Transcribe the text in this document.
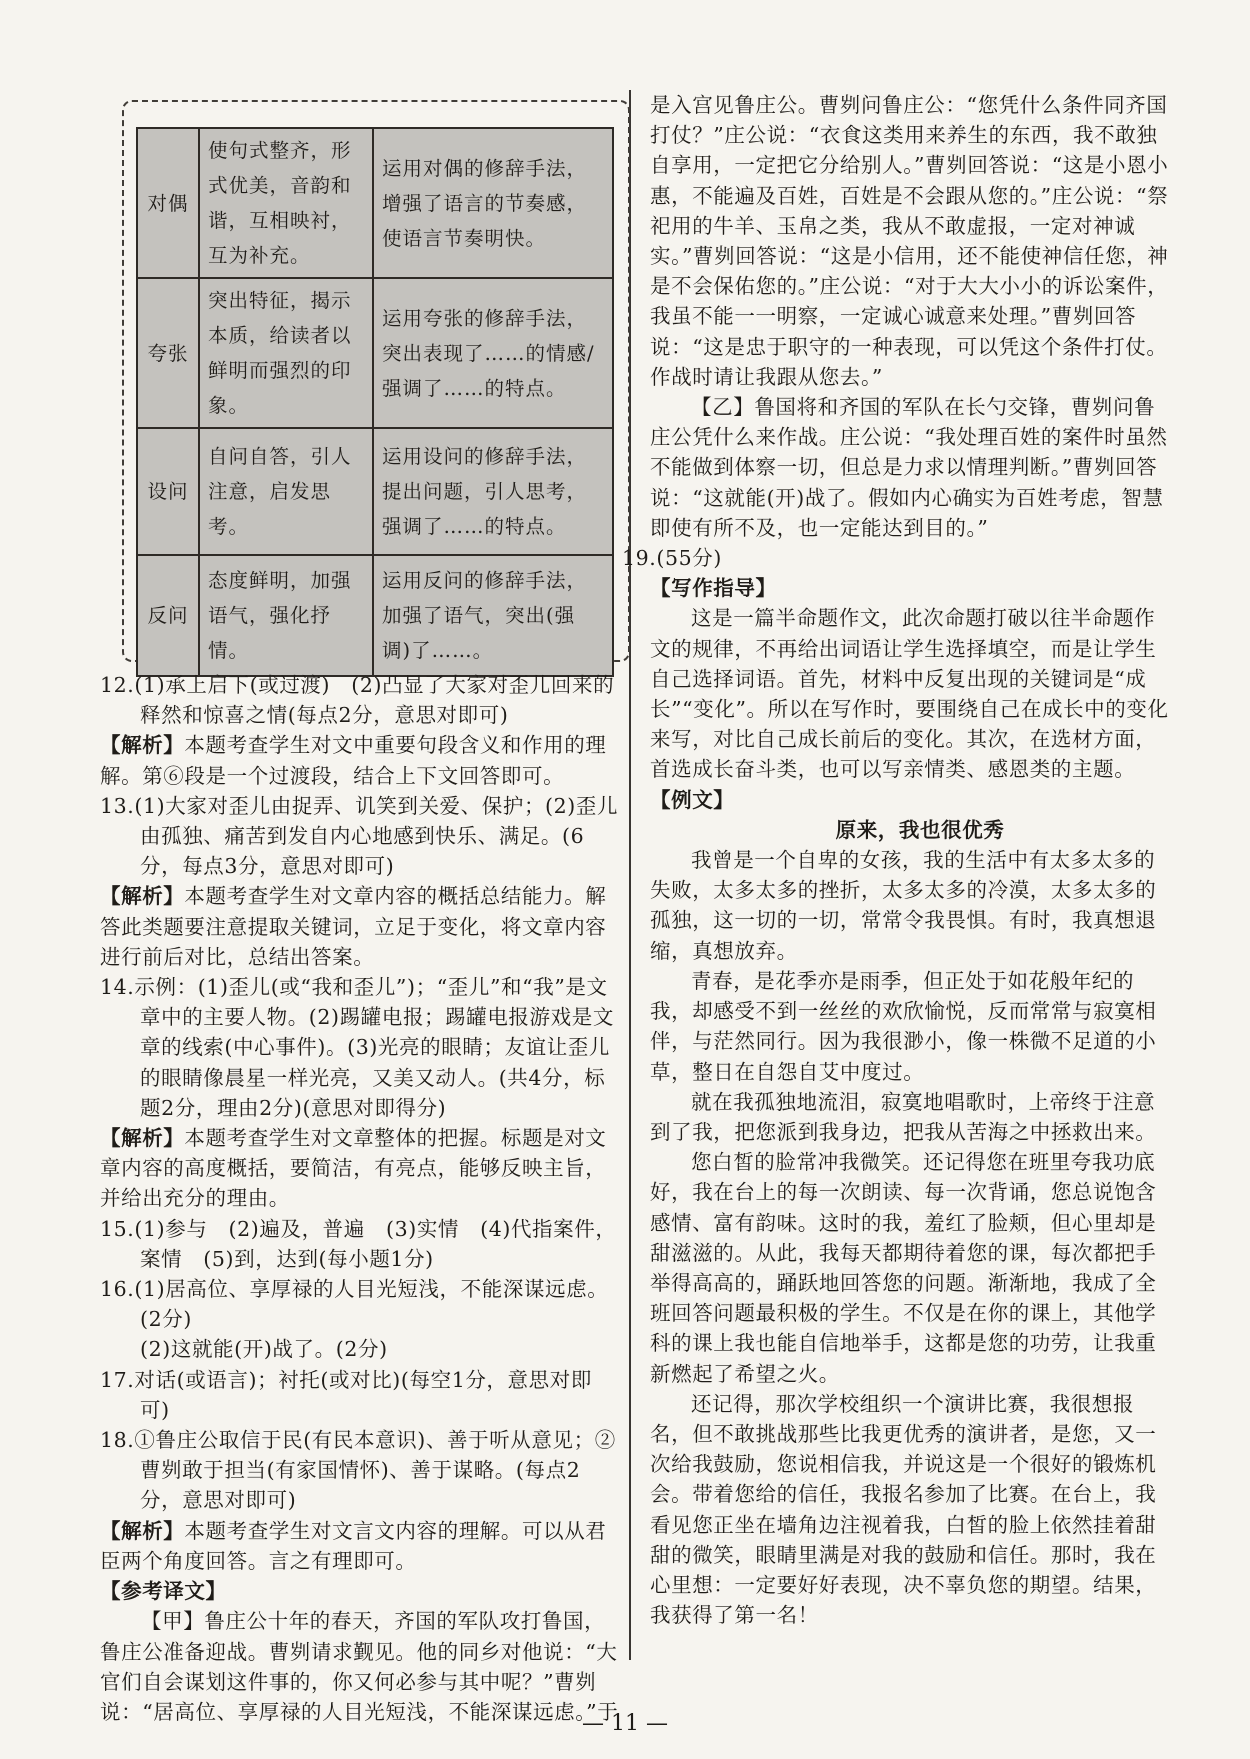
对偶	使句式整齐，形式优美，音韵和谐，互相映衬，互为补充。	运用对偶的修辞手法，增强了语言的节奏感，使语言节奏明快。
夸张	突出特征，揭示本质，给读者以鲜明而强烈的印象。	运用夸张的修辞手法，突出表现了……的情感/强调了……的特点。
设问	自问自答，引人注意，启发思考。	运用设问的修辞手法，提出问题，引人思考，强调了……的特点。
反问	态度鲜明，加强语气，强化抒情。	运用反问的修辞手法，加强了语气，突出(强调)了……。

12.(1)承上启下(或过渡)　(2)凸显了大家对歪儿回来的释然和惊喜之情(每点2分，意思对即可)

【解析】本题考查学生对文中重要句段含义和作用的理解。第⑥段是一个过渡段，结合上下文回答即可。

13.(1)大家对歪儿由捉弄、讥笑到关爱、保护；(2)歪儿由孤独、痛苦到发自内心地感到快乐、满足。(6分，每点3分，意思对即可)

【解析】本题考查学生对文章内容的概括总结能力。解答此类题要注意提取关键词，立足于变化，将文章内容进行前后对比，总结出答案。

14.示例：(1)歪儿(或“我和歪儿”)；“歪儿”和“我”是文章中的主要人物。(2)踢罐电报；踢罐电报游戏是文章的线索(中心事件)。(3)光亮的眼睛；友谊让歪儿的眼睛像晨星一样光亮，又美又动人。(共4分，标题2分，理由2分)(意思对即得分)

【解析】本题考查学生对文章整体的把握。标题是对文章内容的高度概括，要简洁，有亮点，能够反映主旨，并给出充分的理由。

15.(1)参与　(2)遍及，普遍　(3)实情　(4)代指案件，案情　(5)到，达到(每小题1分)

16.(1)居高位、享厚禄的人目光短浅，不能深谋远虑。(2分)

(2)这就能(开)战了。(2分)

17.对话(或语言)；衬托(或对比)(每空1分，意思对即可)

18.①鲁庄公取信于民(有民本意识)、善于听从意见；②曹刿敢于担当(有家国情怀)、善于谋略。(每点2分，意思对即可)

【解析】本题考查学生对文言文内容的理解。可以从君臣两个角度回答。言之有理即可。

【参考译文】

【甲】鲁庄公十年的春天，齐国的军队攻打鲁国，鲁庄公准备迎战。曹刿请求觐见。他的同乡对他说：“大官们自会谋划这件事的，你又何必参与其中呢？”曹刿说：“居高位、享厚禄的人目光短浅，不能深谋远虑。”于

是入宫见鲁庄公。曹刿问鲁庄公：“您凭什么条件同齐国打仗？”庄公说：“衣食这类用来养生的东西，我不敢独自享用，一定把它分给别人。”曹刿回答说：“这是小恩小惠，不能遍及百姓，百姓是不会跟从您的。”庄公说：“祭祀用的牛羊、玉帛之类，我从不敢虚报，一定对神诚实。”曹刿回答说：“这是小信用，还不能使神信任您，神是不会保佑您的。”庄公说：“对于大大小小的诉讼案件，我虽不能一一明察，一定诚心诚意来处理。”曹刿回答说：“这是忠于职守的一种表现，可以凭这个条件打仗。作战时请让我跟从您去。”

【乙】鲁国将和齐国的军队在长勺交锋，曹刿问鲁庄公凭什么来作战。庄公说：“我处理百姓的案件时虽然不能做到体察一切，但总是力求以情理判断。”曹刿回答说：“这就能(开)战了。假如内心确实为百姓考虑，智慧即使有所不及，也一定能达到目的。”

19.(55分)

【写作指导】

这是一篇半命题作文，此次命题打破以往半命题作文的规律，不再给出词语让学生选择填空，而是让学生自己选择词语。首先，材料中反复出现的关键词是“成长”“变化”。所以在写作时，要围绕自己在成长中的变化来写，对比自己成长前后的变化。其次，在选材方面，首选成长奋斗类，也可以写亲情类、感恩类的主题。

【例文】

原来，我也很优秀

我曾是一个自卑的女孩，我的生活中有太多太多的失败，太多太多的挫折，太多太多的冷漠，太多太多的孤独，这一切的一切，常常令我畏惧。有时，我真想退缩，真想放弃。

青春，是花季亦是雨季，但正处于如花般年纪的我，却感受不到一丝丝的欢欣愉悦，反而常常与寂寞相伴，与茫然同行。因为我很渺小，像一株微不足道的小草，整日在自怨自艾中度过。

就在我孤独地流泪，寂寞地唱歌时，上帝终于注意到了我，把您派到我身边，把我从苦海之中拯救出来。

您白皙的脸常冲我微笑。还记得您在班里夸我功底好，我在台上的每一次朗读、每一次背诵，您总说饱含感情、富有韵味。这时的我，羞红了脸颊，但心里却是甜滋滋的。从此，我每天都期待着您的课，每次都把手举得高高的，踊跃地回答您的问题。渐渐地，我成了全班回答问题最积极的学生。不仅是在你的课上，其他学科的课上我也能自信地举手，这都是您的功劳，让我重新燃起了希望之火。

还记得，那次学校组织一个演讲比赛，我很想报名，但不敢挑战那些比我更优秀的演讲者，是您，又一次给我鼓励，您说相信我，并说这是一个很好的锻炼机会。带着您给的信任，我报名参加了比赛。在台上，我看见您正坐在墙角边注视着我，白皙的脸上依然挂着甜甜的微笑，眼睛里满是对我的鼓励和信任。那时，我在心里想：一定要好好表现，决不辜负您的期望。结果，我获得了第一名！

— 11 —
